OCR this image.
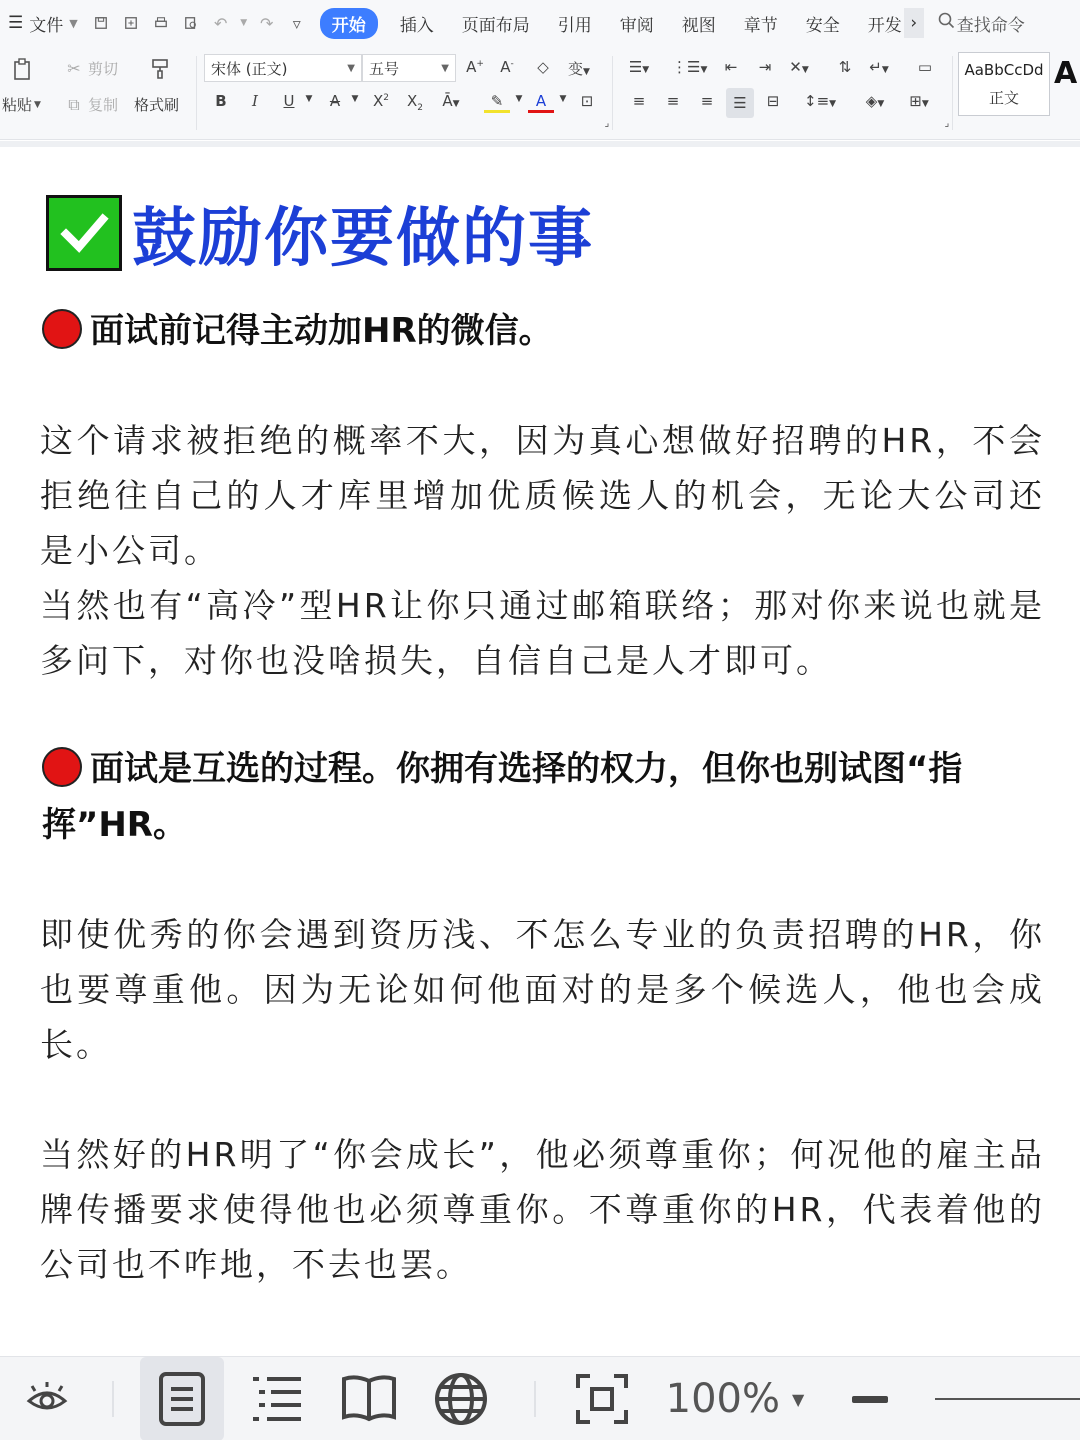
☰ 文件 ▼	↶	▼ ↷	▿	开始	插入	页面布局	引用	审阅	视图	章节	安全	开发 ›	查找命令
粘贴 ▼
✂ 剪切
⧉ 复制 格式刷
宋体 (正文)	▼ 五号	▼ A+	A-	◇	变▼
B	I	U	▼	A	▼ $X^2$	$X_2$	Ā▼	✎	▼ A	▼ ⊡
⌟
☰▼ ⋮☰▼	⇤	⇥	✕▼	⇅	↵▼	▭
≡	≡	≡	☰	⊟	↕≡▼ ◈▼ ⊞▼
⌟
AaBbCcDd
正文
A
鼓励你要做的事
面试前记得主动加HR的微信。
这个请求被拒绝的概率不大，因为真心想做好招聘的HR，不会拒绝往自己的人才库里增加优质候选人的机会，无论大公司还是小公司。
当然也有“高冷”型HR让你只通过邮箱联络；那对你来说也就是多问下，对你也没啥损失，自信自己是人才即可。
面试是互选的过程。你拥有选择的权力，但你也别试图“指挥”HR。
即使优秀的你会遇到资历浅、不怎么专业的负责招聘的HR，你也要尊重他。因为无论如何他面对的是多个候选人，他也会成长。
当然好的HR明了“你会成长”，他必须尊重你；何况他的雇主品牌传播要求使得他也必须尊重你。不尊重你的HR，代表着他的公司也不咋地，不去也罢。
100% ▼
